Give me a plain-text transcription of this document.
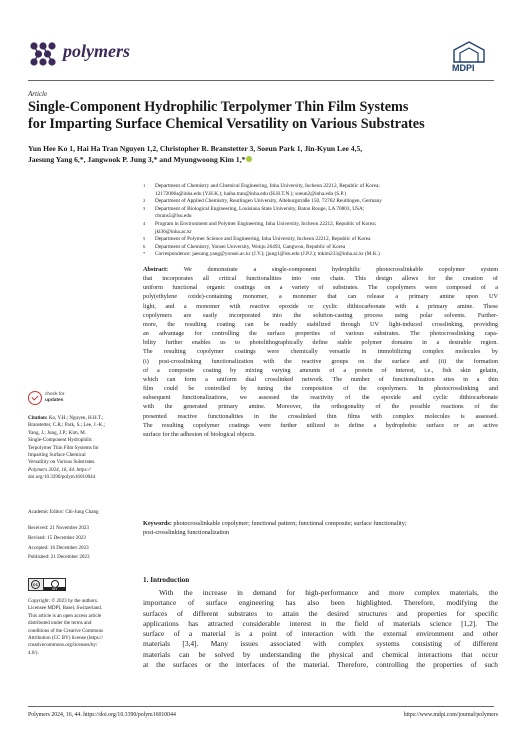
polymers
MDPI
Article
Single-Component Hydrophilic Terpolymer Thin Film Systems
for Imparting Surface Chemical Versatility on Various Substrates
Yun Hee Ko 1, Hai Ha Tran Nguyen 1,2, Christopher R. Branstetter 3, Soeun Park 1, Jin-Kyun Lee 4,5,
Jaesung Yang 6,*, Jangwook P. Jung 3,* and Myungwoong Kim 1,*
1 Department of Chemistry and Chemical Engineering, Inha University, Incheon 22212, Republic of Korea;
12172006a@inha.edu (Y.H.K.); haiha.tran@inha.edu (H.H.T.N.); soeun2@inha.edu (S.P.)
2 Department of Applied Chemistry, Reutlingen University, Alteburgstraße 150, 72762 Reutlingen, Germany
3 Department of Biological Engineering, Louisiana State University, Baton Rouge, LA 70803, USA;
cbrans5@lsu.edu
4 Program in Environment and Polymer Engineering, Inha University, Incheon 22212, Republic of Korea;
jkl36@inha.ac.kr
5 Department of Polymer Science and Engineering, Inha University, Incheon 22212, Republic of Korea
6 Department of Chemistry, Yonsei University, Wonju 26493, Gangwon, Republic of Korea
* Correspondence: jaesung.yang@yonsei.ac.kr (J.Y.); jjung1@lsu.edu (J.P.J.); mkim233@inha.ac.kr (M.K.)
Abstract:	We demonstrate a single-component hydrophilic photocrosslinkable copolymer system
that incorporates all critical functionalities into one chain. This design allows for the creation of
uniform functional organic coatings on a variety of substrates. The copolymers were composed of a
poly(ethylene oxide)-containing monomer, a monomer that can release a primary amine upon UV
light, and a monomer with reactive epoxide or cyclic dithiocarbonate with a primary amine. These
copolymers are easily incorporated into the solution-casting process using polar solvents. Further-
more, the resulting coating can be readily stabilized through UV light-induced crosslinking, providing
an advantage for controlling the surface properties of various substrates. The photocrosslinking capa-
bility further enables us to photolithographically define stable polymer domains in a desirable region.
The resulting copolymer coatings were chemically versatile in immobilizing complex molecules by
(i) post-crosslinking functionalization with the reactive groups on the surface and (ii) the formation
of a composite coating by mixing varying amounts of a protein of interest, i.e., fish skin gelatin,
which can form a uniform dual crosslinked network. The number of functionalization sites in a thin
film could be controlled by tuning the composition of the copolymers. In photocrosslinking and
subsequent functionalizations, we assessed the reactivity of the epoxide and cyclic dithiocarbonate
with the generated primary amine. Moreover, the orthogonality of the possible reactions of the
presented reactive functionalities in the crosslinked thin films with complex molecules is assessed.
The resulting copolymer coatings were further utilized to define a hydrophobic surface or an active
surface for the adhesion of biological objects.
Keywords: photocrosslinkable copolymer; functional pattern; functional composite; surface functionality;
post-crosslinking functionalization
check for
updates
Citation: Ko, Y.H.; Nguyen, H.H.T.;
Branstetter, C.R.; Park, S.; Lee, J.-K.;
Yang, J.; Jung, J.P.; Kim, M.
Single-Component Hydrophilic
Terpolymer Thin Film Systems for
Imparting Surface Chemical
Versatility on Various Substrates.
Polymers 2024, 16, 44. https://
doi.org/10.3390/polym16010044
Academic Editor: Chi-Jung Chang
Received: 21 November 2023
Revised: 15 December 2023
Accepted: 16 December 2023
Published: 21 December 2023
cc
BY
Copyright: © 2023 by the authors.
Licensee MDPI, Basel, Switzerland.
This article is an open access article
distributed under the terms and
conditions of the Creative Commons
Attribution (CC BY) license (https://
creativecommons.org/licenses/by/
4.0/).
1. Introduction
With the increase in demand for high-performance and more complex materials, the
importance of surface engineering has also been highlighted. Therefore, modifying the
surfaces of different substrates to attain the desired structures and properties for specific
applications has attracted considerable interest in the field of materials science [1,2]. The
surface of a material is a point of interaction with the external environment and other
materials [3,4]. Many issues associated with complex systems consisting of different
materials can be solved by understanding the physical and chemical interactions that occur
at the surfaces or the interfaces of the material. Therefore, controlling the properties of such
Polymers 2024, 16, 44. https://doi.org/10.3390/polym16010044	https://www.mdpi.com/journal/polymers
